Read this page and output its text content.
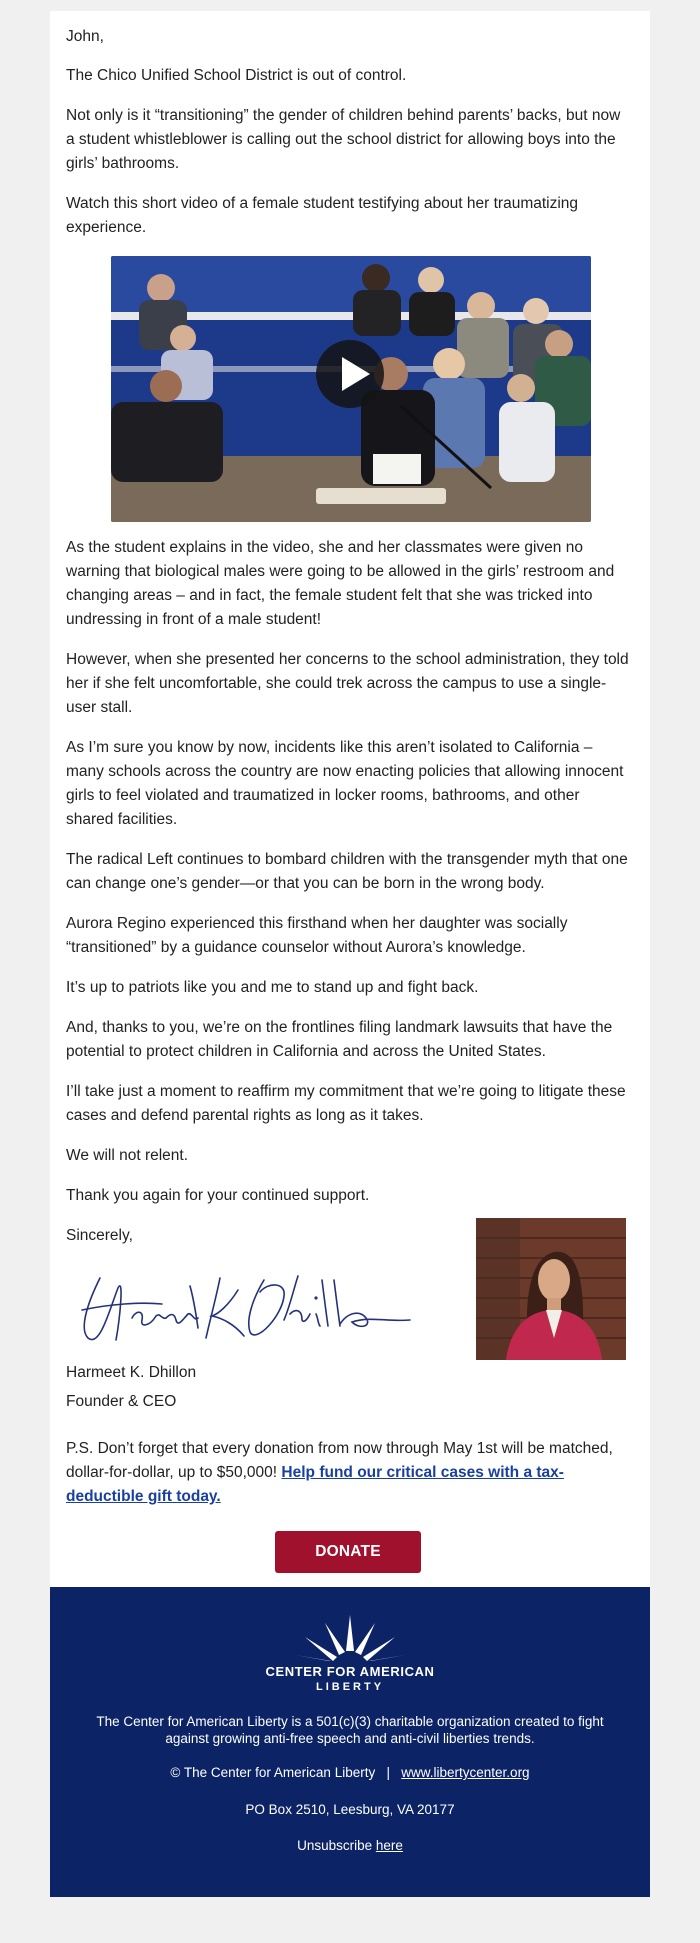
John,

The Chico Unified School District is out of control.

Not only is it “transitioning” the gender of children behind parents’ backs, but now a student whistleblower is calling out the school district for allowing boys into the girls’ bathrooms.

Watch this short video of a female student testifying about her traumatizing experience.

As the student explains in the video, she and her classmates were given no warning that biological males were going to be allowed in the girls’ restroom and changing areas – and in fact, the female student felt that she was tricked into undressing in front of a male student!

However, when she presented her concerns to the school administration, they told her if she felt uncomfortable, she could trek across the campus to use a single-user stall.

As I’m sure you know by now, incidents like this aren’t isolated to California – many schools across the country are now enacting policies that allowing innocent girls to feel violated and traumatized in locker rooms, bathrooms, and other shared facilities.

The radical Left continues to bombard children with the transgender myth that one can change one’s gender—or that you can be born in the wrong body.

Aurora Regino experienced this firsthand when her daughter was socially “transitioned” by a guidance counselor without Aurora’s knowledge.

It’s up to patriots like you and me to stand up and fight back.

And, thanks to you, we’re on the frontlines filing landmark lawsuits that have the potential to protect children in California and across the United States.

I’ll take just a moment to reaffirm my commitment that we’re going to litigate these cases and defend parental rights as long as it takes.

We will not relent.

Thank you again for your continued support.

Sincerely,
Harmeet K. Dhillon
Founder & CEO

P.S. Don’t forget that every donation from now through May 1st will be matched, dollar-for-dollar, up to $50,000! Help fund our critical cases with a tax-deductible gift today.

DONATE
CENTER FOR AMERICAN
LIBERTY
The Center for American Liberty is a 501(c)(3) charitable organization created to fight against growing anti-free speech and anti-civil liberties trends.
© The Center for American Liberty | www.libertycenter.org
PO Box 2510, Leesburg, VA 20177
Unsubscribe here
